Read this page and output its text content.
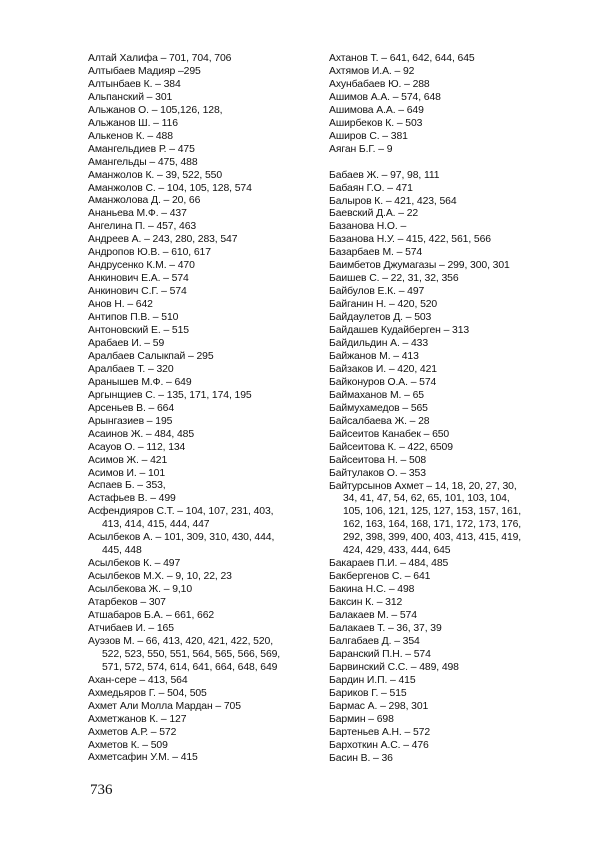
Алтай Халифа – 701, 704, 706

Алтыбаев Мадияр –295

Алтынбаев К. – 384

Альпанский – 301

Альжанов О. – 105,126, 128,

Альжанов Ш. – 116

Алькенов К. – 488

Амангельдиев Р. – 475

Амангельды – 475, 488

Аманжолов К. – 39, 522, 550

Аманжолов С. – 104, 105, 128, 574

Аманжолова Д. – 20, 66

Ананьева М.Ф. – 437

Ангелина П. – 457, 463

Андреев А. – 243, 280, 283, 547

Андропов Ю.В. – 610, 617

Андрусенко К.М. – 470

Анкинович Е.А. – 574

Анкинович С.Г. – 574

Анов Н. – 642

Антипов П.В. – 510

Антоновский Е. – 515

Арабаев И. – 59

Аралбаев Салыкпай – 295

Аралбаев Т. – 320

Аранышев М.Ф. – 649

Аргынщиев С. – 135, 171, 174, 195

Арсеньев В. – 664

Арынгазиев – 195

Асаинов Ж. – 484, 485

Асауов О. – 112, 134

Асимов Ж. – 421

Асимов И. – 101

Аспаев Б. – 353,

Астафьев В. – 499

Асфендияров С.Т. – 104, 107, 231, 403,
413, 414, 415, 444, 447

Асылбеков А. – 101, 309, 310, 430, 444,
445, 448

Асылбеков К. – 497

Асылбеков М.Х. – 9, 10, 22, 23

Асылбекова Ж. – 9,10

Атарбеков – 307

Атшабаров Б.А. – 661, 662

Атчибаев И. – 165

Ауэзов М. – 66, 413, 420, 421, 422, 520,
522, 523, 550, 551, 564, 565, 566, 569,
571, 572, 574, 614, 641, 664, 648, 649

Ахан-сере – 413, 564

Ахмедьяров Г. – 504, 505

Ахмет Али Молла Мардан – 705

Ахметжанов К. – 127

Ахметов А.Р. – 572

Ахметов К. – 509

Ахметсафин У.М. – 415

Ахтанов Т. – 641, 642, 644, 645

Ахтямов И.А. – 92

Ахунбабаев Ю. – 288

Ашимов А.А. – 574, 648

Ашимова А.А. – 649

Аширбеков К. – 503

Аширов С. – 381

Аяган Б.Г. – 9

Бабаев Ж. – 97, 98, 111

Бабаян Г.О. – 471

Балыров К. – 421, 423, 564

Баевский Д.А. – 22

Базанова Н.О. –

Базанова Н.У. – 415, 422, 561, 566

Базарбаев М. – 574

Баимбетов Джумагазы – 299, 300, 301

Баишев С. – 22, 31, 32, 356

Байбулов Е.К. – 497

Байганин Н. – 420, 520

Байдаулетов Д. – 503

Байдашев Кудайберген – 313

Байдильдин А. – 433

Байжанов М. – 413

Байзаков И. – 420, 421

Байконуров О.А. – 574

Баймаханов М. – 65

Баймухамедов – 565

Байсалбаева Ж. – 28

Байсеитов Канабек – 650

Байсеитова К. – 422, 6509

Байсеитова Н. – 508

Байтулаков О. – 353

Байтурсынов Ахмет – 14, 18, 20, 27, 30,
34, 41, 47, 54, 62, 65, 101, 103, 104,
105, 106, 121, 125, 127, 153, 157, 161,
162, 163, 164, 168, 171, 172, 173, 176,
292, 398, 399, 400, 403, 413, 415, 419,
424, 429, 433, 444, 645

Бакараев П.И. – 484, 485

Бакбергенов С. – 641

Бакина Н.С. – 498

Баксин К. – 312

Балакаев М. – 574

Балакаев Т. – 36, 37, 39

Балгабаев Д. – 354

Баранский П.Н. – 574

Барвинский С.С. – 489, 498

Бардин И.П. – 415

Бариков Г. – 515

Бармас А. – 298, 301

Бармин – 698

Бартеньев А.Н. – 572

Бархоткин А.С. – 476

Басин В. – 36

736
